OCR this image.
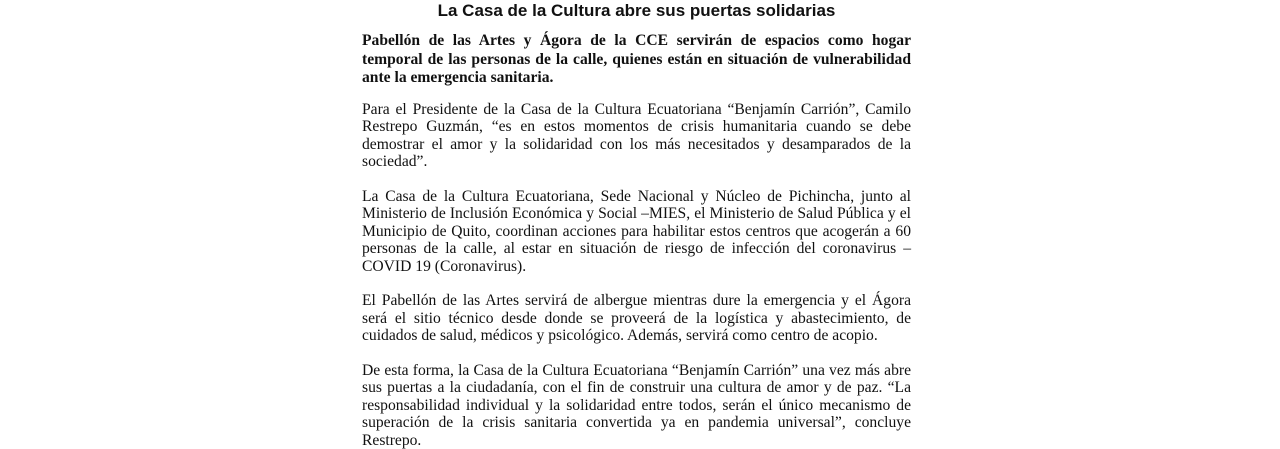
La Casa de la Cultura abre sus puertas solidarias

Pabellón de las Artes y Ágora de la CCE servirán de espacios como hogar temporal de las personas de la calle, quienes están en situación de vulnerabilidad ante la emergencia sanitaria.

Para el Presidente de la Casa de la Cultura Ecuatoriana “Benjamín Carrión”, Camilo Restrepo Guzmán, “es en estos momentos de crisis humanitaria cuando se debe demostrar el amor y la solidaridad con los más necesitados y desamparados de la sociedad”.

La Casa de la Cultura Ecuatoriana, Sede Nacional y Núcleo de Pichincha, junto al Ministerio de Inclusión Económica y Social –MIES, el Ministerio de Salud Pública y el Municipio de Quito, coordinan acciones para habilitar estos centros que acogerán a 60 personas de la calle, al estar en situación de riesgo de infección del coronavirus –COVID 19 (Coronavirus).

El Pabellón de las Artes servirá de albergue mientras dure la emergencia y el Ágora será el sitio técnico desde donde se proveerá de la logística y abastecimiento, de cuidados de salud, médicos y psicológico. Además, servirá como centro de acopio.

De esta forma, la Casa de la Cultura Ecuatoriana “Benjamín Carrión” una vez más abre sus puertas a la ciudadanía, con el fin de construir una cultura de amor y de paz. “La responsabilidad individual y la solidaridad entre todos, serán el único mecanismo de superación de la crisis sanitaria convertida ya en pandemia universal”, concluye Restrepo.
